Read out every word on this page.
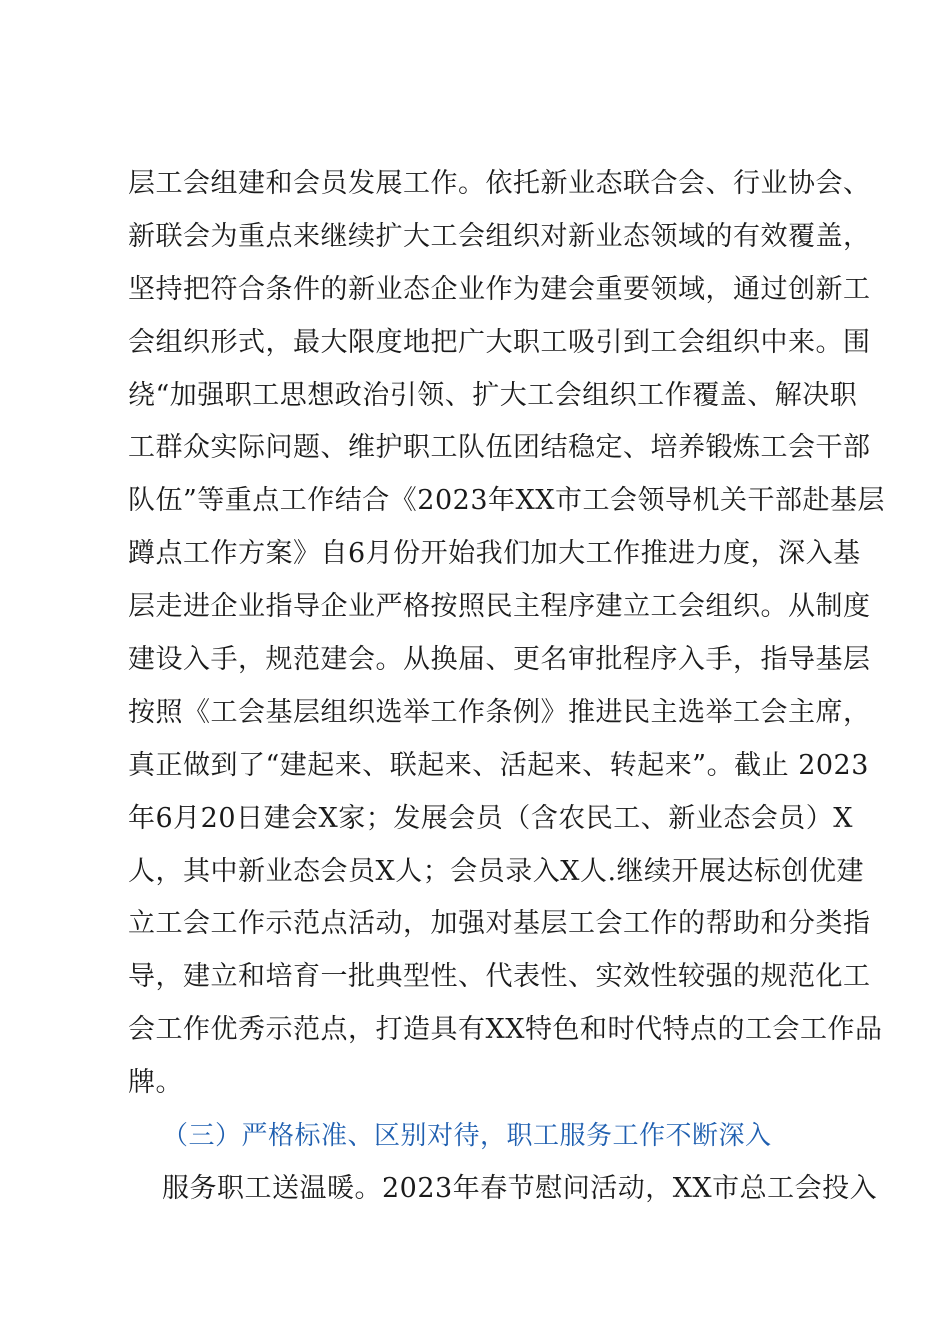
层工会组建和会员发展工作。依托新业态联合会、行业协会、
新联会为重点来继续扩大工会组织对新业态领域的有效覆盖，
坚持把符合条件的新业态企业作为建会重要领域，通过创新工
会组织形式，最大限度地把广大职工吸引到工会组织中来。围
绕“加强职工思想政治引领、扩大工会组织工作覆盖、解决职
工群众实际问题、维护职工队伍团结稳定、培养锻炼工会干部
队伍”等重点工作结合《2023年XX市工会领导机关干部赴基层
蹲点工作方案》自6月份开始我们加大工作推进力度，深入基
层走进企业指导企业严格按照民主程序建立工会组织。从制度
建设入手，规范建会。从换届、更名审批程序入手，指导基层
按照《工会基层组织选举工作条例》推进民主选举工会主席，
真正做到了“建起来、联起来、活起来、转起来”。截止 2023
年6月20日建会X家；发展会员（含农民工、新业态会员）X
人，其中新业态会员X人；会员录入X人.继续开展达标创优建
立工会工作示范点活动，加强对基层工会工作的帮助和分类指
导，建立和培育一批典型性、代表性、实效性较强的规范化工
会工作优秀示范点，打造具有XX特色和时代特点的工会工作品
牌。
（三）严格标准、区别对待，职工服务工作不断深入
服务职工送温暖。2023年春节慰问活动，XX市总工会投入
